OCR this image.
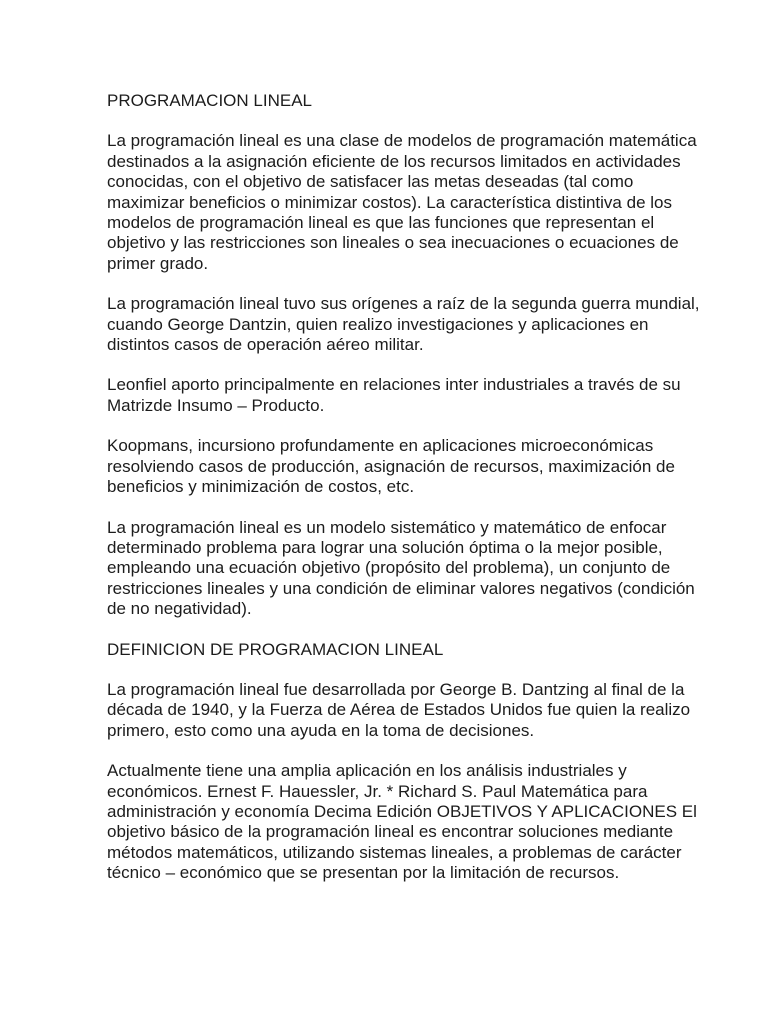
PROGRAMACION LINEAL
La programación lineal es una clase de modelos de programación matemática destinados a la asignación eficiente de los recursos limitados en actividades conocidas, con el objetivo de satisfacer las metas deseadas (tal como maximizar beneficios o minimizar costos). La característica distintiva de los modelos de programación lineal es que las funciones que representan el objetivo y las restricciones son lineales o sea inecuaciones o ecuaciones de primer grado.
La programación lineal tuvo sus orígenes a raíz de la segunda guerra mundial, cuando George Dantzin, quien realizo investigaciones y aplicaciones en distintos casos de operación aéreo militar.
Leonfiel aporto principalmente en relaciones inter industriales a través de su Matrizde Insumo – Producto.
Koopmans, incursiono profundamente en aplicaciones microeconómicas resolviendo casos de producción, asignación de recursos, maximización de beneficios y minimización de costos, etc.
La programación lineal es un modelo sistemático y matemático de enfocar determinado problema para lograr una solución óptima o la mejor posible, empleando una ecuación objetivo (propósito del problema), un conjunto de restricciones lineales y una condición de eliminar valores negativos (condición de no negatividad).
DEFINICION DE PROGRAMACION LINEAL
La programación lineal fue desarrollada por George B. Dantzing al final de la década de 1940, y la Fuerza de Aérea de Estados Unidos fue quien la realizo primero, esto como una ayuda en la toma de decisiones.
Actualmente tiene una amplia aplicación en los análisis industriales y económicos. Ernest F. Hauessler, Jr. * Richard S. Paul Matemática para administración y economía Decima Edición OBJETIVOS Y APLICACIONES El objetivo básico de la programación lineal es encontrar soluciones mediante métodos matemáticos, utilizando sistemas lineales, a problemas de carácter técnico – económico que se presentan por la limitación de recursos.
